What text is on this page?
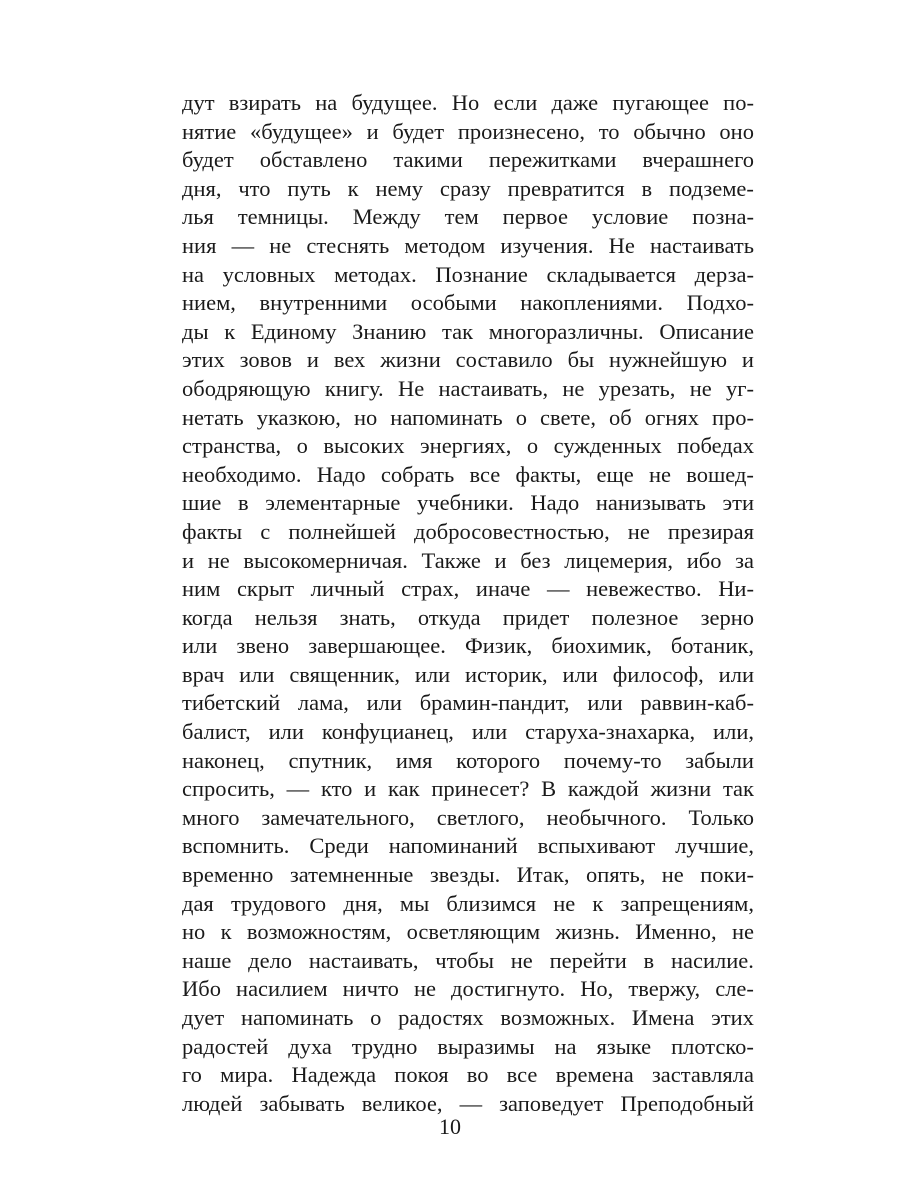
дут взирать на будущее. Но если даже пугающее по-
нятие «будущее» и будет произнесено, то обычно оно
будет обставлено такими пережитками вчерашнего
дня, что путь к нему сразу превратится в подземе-
лья темницы. Между тем первое условие позна-
ния — не стеснять методом изучения. Не настаивать
на условных методах. Познание складывается дерза-
нием, внутренними особыми накоплениями. Подхо-
ды к Единому Знанию так многоразличны. Описание
этих зовов и вех жизни составило бы нужнейшую и
ободряющую книгу. Не настаивать, не урезать, не уг-
нетать указкою, но напоминать о свете, об огнях про-
странства, о высоких энергиях, о сужденных победах
необходимо. Надо собрать все факты, еще не вошед-
шие в элементарные учебники. Надо нанизывать эти
факты с полнейшей добросовестностью, не презирая
и не высокомерничая. Также и без лицемерия, ибо за
ним скрыт личный страх, иначе — невежество. Ни-
когда нельзя знать, откуда придет полезное зерно
или звено завершающее. Физик, биохимик, ботаник,
врач или священник, или историк, или философ, или
тибетский лама, или брамин-пандит, или раввин-каб-
балист, или конфуцианец, или старуха-знахарка, или,
наконец, спутник, имя которого почему-то забыли
спросить, — кто и как принесет? В каждой жизни так
много замечательного, светлого, необычного. Только
вспомнить. Среди напоминаний вспыхивают лучшие,
временно затемненные звезды. Итак, опять, не поки-
дая трудового дня, мы близимся не к запрещениям,
но к возможностям, осветляющим жизнь. Именно, не
наше дело настаивать, чтобы не перейти в насилие.
Ибо насилием ничто не достигнуто. Но, твержу, сле-
дует напоминать о радостях возможных. Имена этих
радостей духа трудно выразимы на языке плотско-
го мира. Надежда покоя во все времена заставляла
людей забывать великое, — заповедует Преподобный
10
